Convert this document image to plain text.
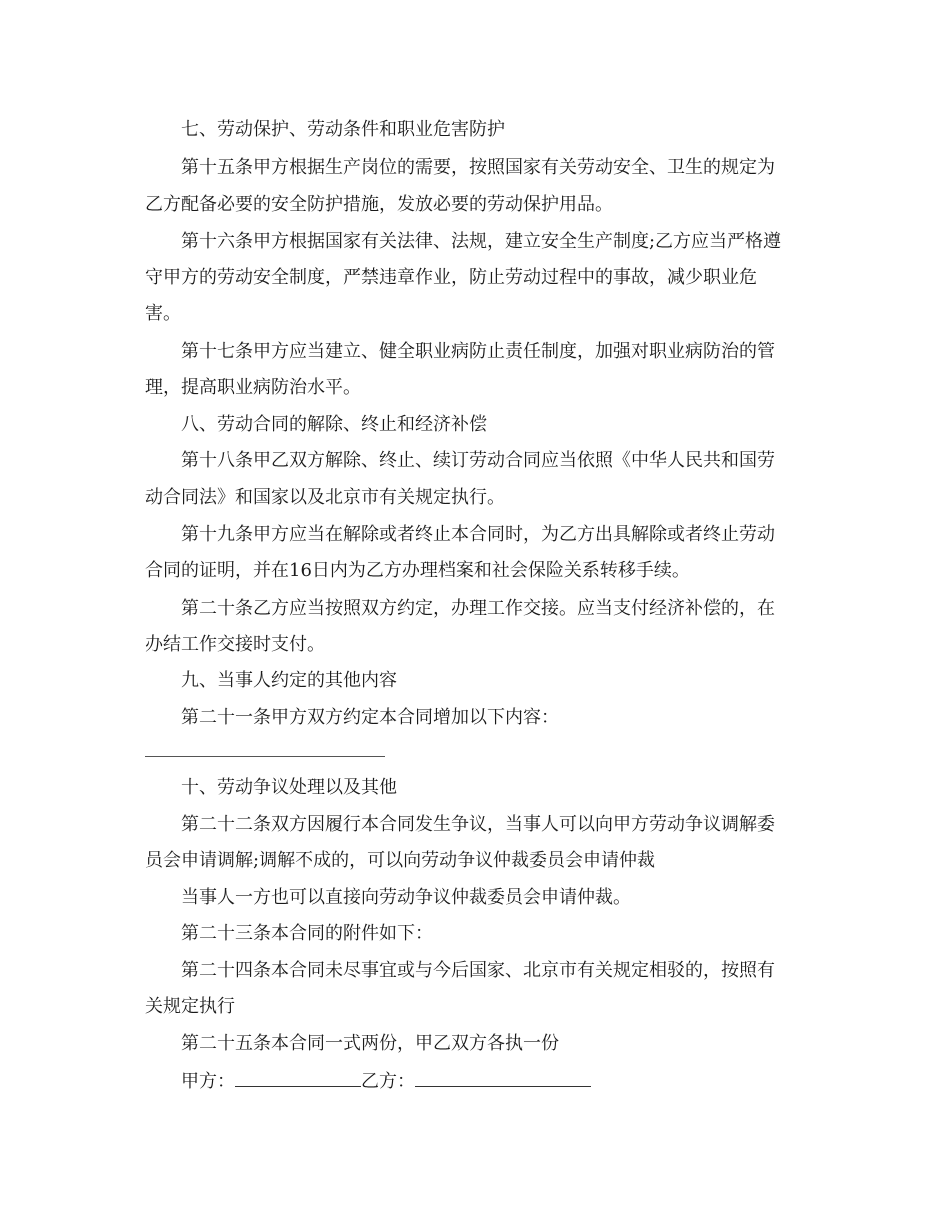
七、劳动保护、劳动条件和职业危害防护
第十五条甲方根据生产岗位的需要，按照国家有关劳动安全、卫生的规定为
乙方配备必要的安全防护措施，发放必要的劳动保护用品。
第十六条甲方根据国家有关法律、法规，建立安全生产制度;乙方应当严格遵
守甲方的劳动安全制度，严禁违章作业，防止劳动过程中的事故，减少职业危
害。
第十七条甲方应当建立、健全职业病防止责任制度，加强对职业病防治的管
理，提高职业病防治水平。
八、劳动合同的解除、终止和经济补偿
第十八条甲乙双方解除、终止、续订劳动合同应当依照《中华人民共和国劳
动合同法》和国家以及北京市有关规定执行。
第十九条甲方应当在解除或者终止本合同时，为乙方出具解除或者终止劳动
合同的证明，并在16日内为乙方办理档案和社会保险关系转移手续。
第二十条乙方应当按照双方约定，办理工作交接。应当支付经济补偿的，在
办结工作交接时支付。
九、当事人约定的其他内容
第二十一条甲方双方约定本合同增加以下内容：
十、劳动争议处理以及其他
第二十二条双方因履行本合同发生争议，当事人可以向甲方劳动争议调解委
员会申请调解;调解不成的，可以向劳动争议仲裁委员会申请仲裁
当事人一方也可以直接向劳动争议仲裁委员会申请仲裁。
第二十三条本合同的附件如下：
第二十四条本合同未尽事宜或与今后国家、北京市有关规定相驳的，按照有
关规定执行
第二十五条本合同一式两份，甲乙双方各执一份
甲方：	乙方：
